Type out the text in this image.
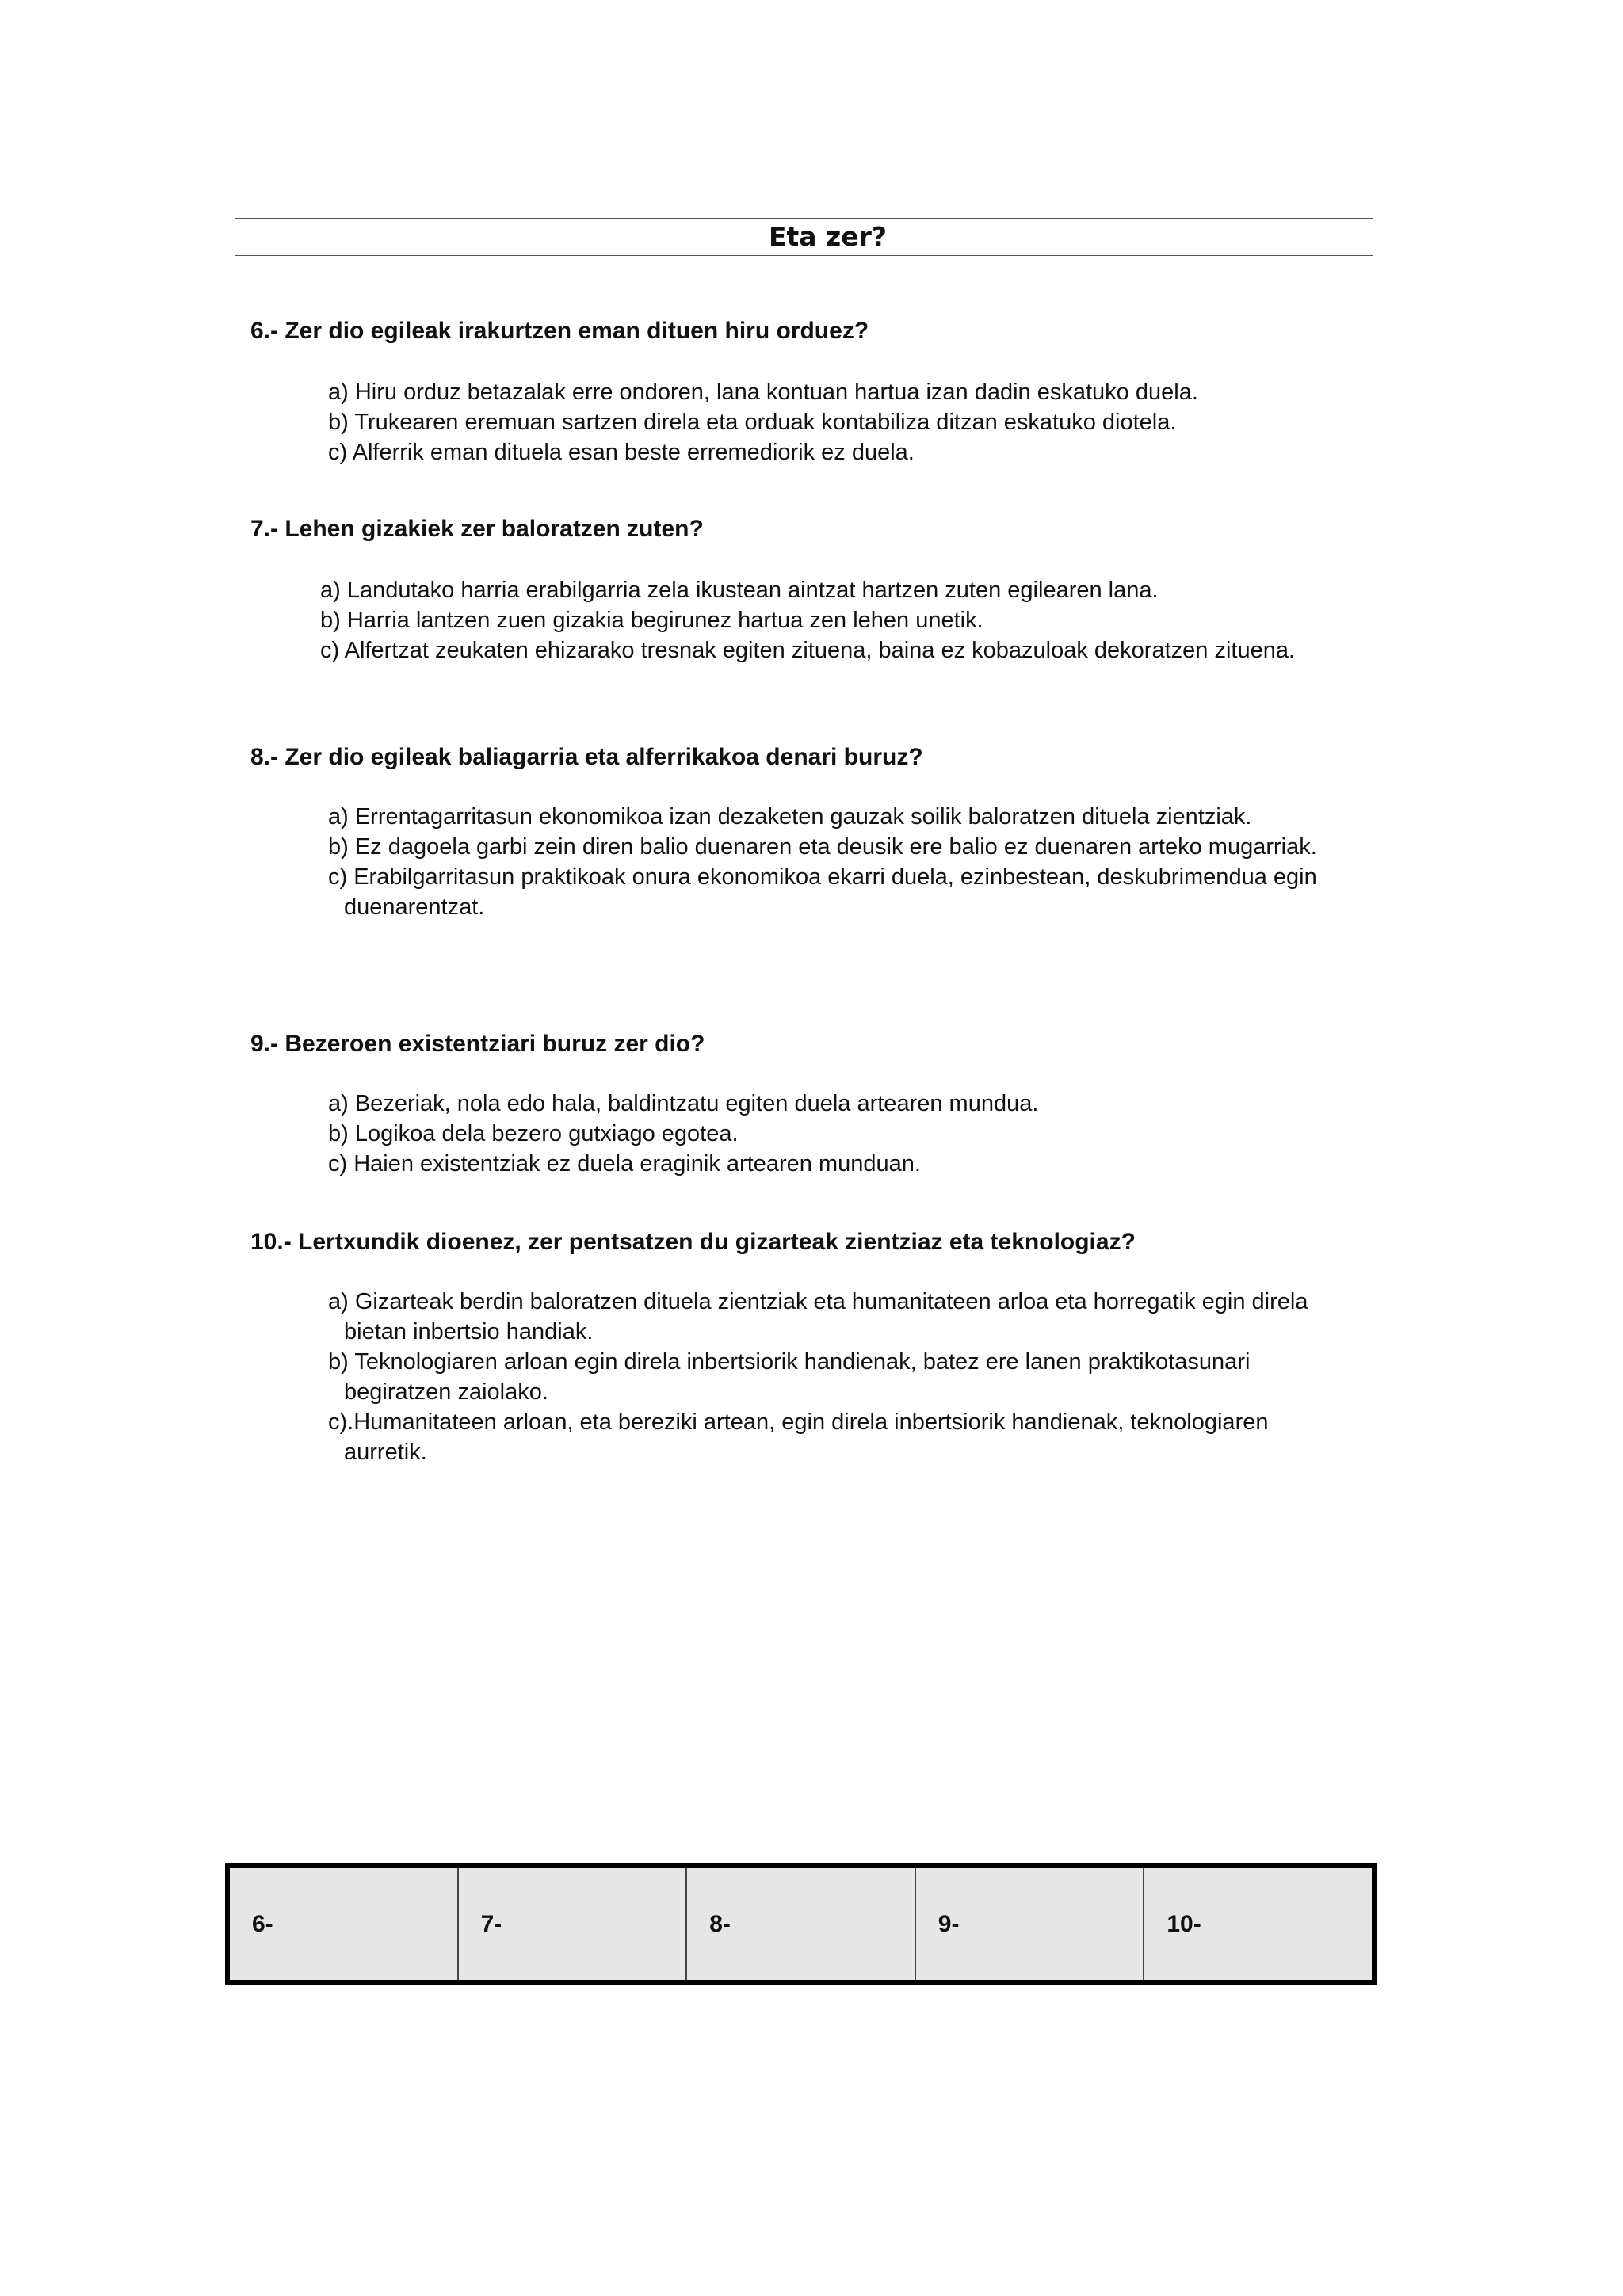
Eta zer?

6.- Zer dio egileak irakurtzen eman dituen hiru orduez?

a) Hiru orduz betazalak erre ondoren, lana kontuan hartua izan dadin eskatuko duela.
b) Trukearen eremuan sartzen direla eta orduak kontabiliza ditzan eskatuko diotela.
c) Alferrik eman dituela esan beste erremediorik ez duela.

7.- Lehen gizakiek zer baloratzen zuten?

a) Landutako harria erabilgarria zela ikustean aintzat hartzen zuten egilearen lana.
b) Harria lantzen zuen gizakia begirunez hartua zen lehen unetik.
c) Alfertzat zeukaten ehizarako tresnak egiten zituena, baina ez kobazuloak dekoratzen zituena.

8.- Zer dio egileak baliagarria eta alferrikakoa denari buruz?

a) Errentagarritasun ekonomikoa izan dezaketen gauzak soilik baloratzen dituela zientziak.
b) Ez dagoela garbi zein diren balio duenaren eta deusik ere balio ez duenaren arteko mugarriak.
c) Erabilgarritasun praktikoak onura ekonomikoa ekarri duela, ezinbestean, deskubrimendua egin duenarentzat.

9.- Bezeroen existentziari buruz zer dio?

a) Bezeriak, nola edo hala, baldintzatu egiten duela artearen mundua.
b) Logikoa dela bezero gutxiago egotea.
c) Haien existentziak ez duela eraginik artearen munduan.

10.- Lertxundik dioenez, zer pentsatzen du gizarteak zientziaz eta teknologiaz?

a) Gizarteak berdin baloratzen dituela zientziak eta humanitateen arloa eta horregatik egin direla bietan inbertsio handiak.
b) Teknologiaren arloan egin direla inbertsiorik handienak, batez ere lanen praktikotasunari begiratzen zaiolako.
c).Humanitateen arloan, eta bereziki artean, egin direla inbertsiorik handienak, teknologiaren aurretik.
6-	7-	8-	9-	10-
